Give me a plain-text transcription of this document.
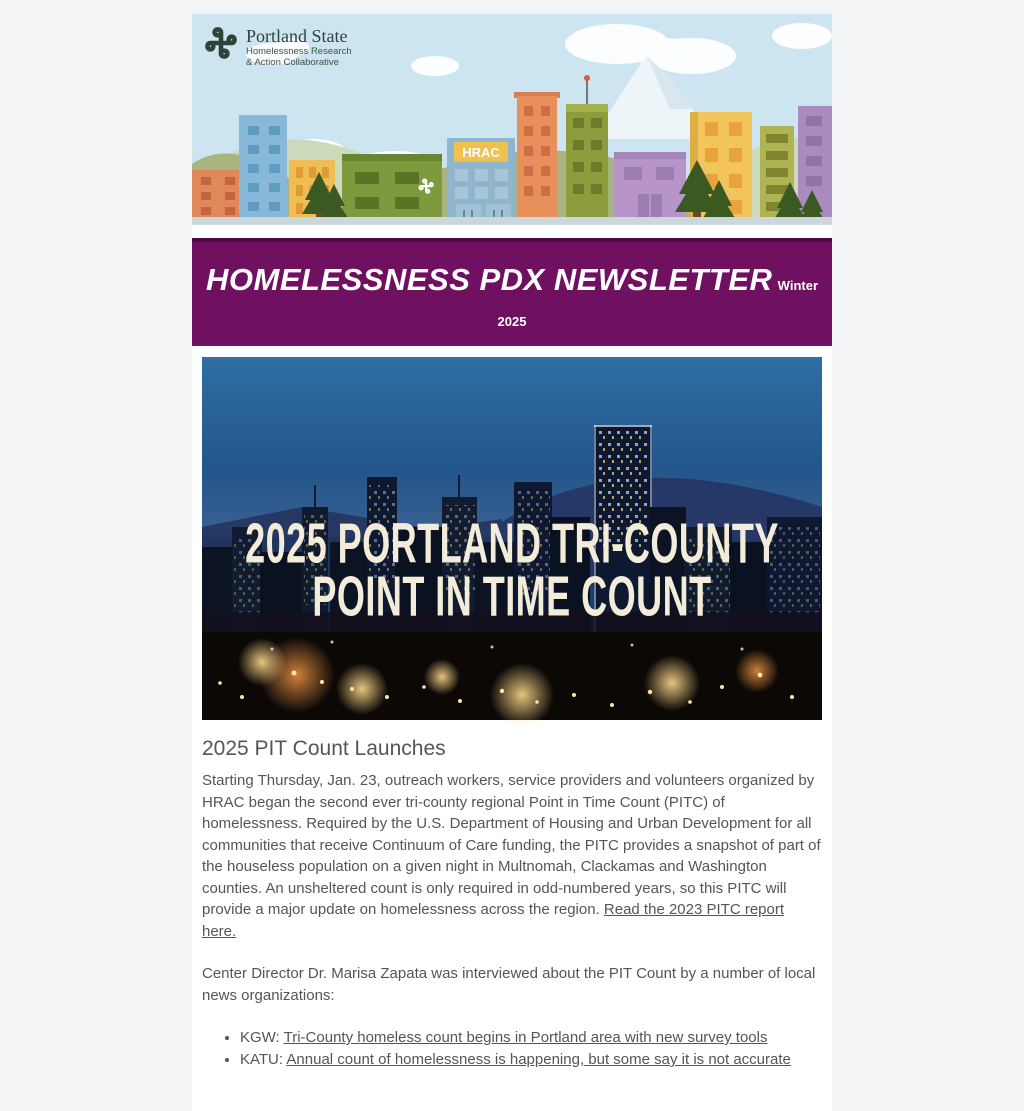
HRAC
Portland State
Homelessness Research
& Action Collaborative
HOMELESSNESS PDX NEWSLETTER Winter
2025
2025 PORTLAND TRI-COUNTY
POINT IN TIME COUNT
2025 PIT Count Launches

Starting Thursday, Jan. 23, outreach workers, service providers and volunteers organized by HRAC began the second ever tri-county regional Point in Time Count (PITC) of homelessness. Required by the U.S. Department of Housing and Urban Development for all communities that receive Continuum of Care funding, the PITC provides a snapshot of part of the houseless population on a given night in Multnomah, Clackamas and Washington counties. An unsheltered count is only required in odd-numbered years, so this PITC will provide a major update on homelessness across the region. Read the 2023 PITC report here.

Center Director Dr. Marisa Zapata was interviewed about the PIT Count by a number of local news organizations:

• KGW: Tri-County homeless count begins in Portland area with new survey tools
• KATU: Annual count of homelessness is happening, but some say it is not accurate
